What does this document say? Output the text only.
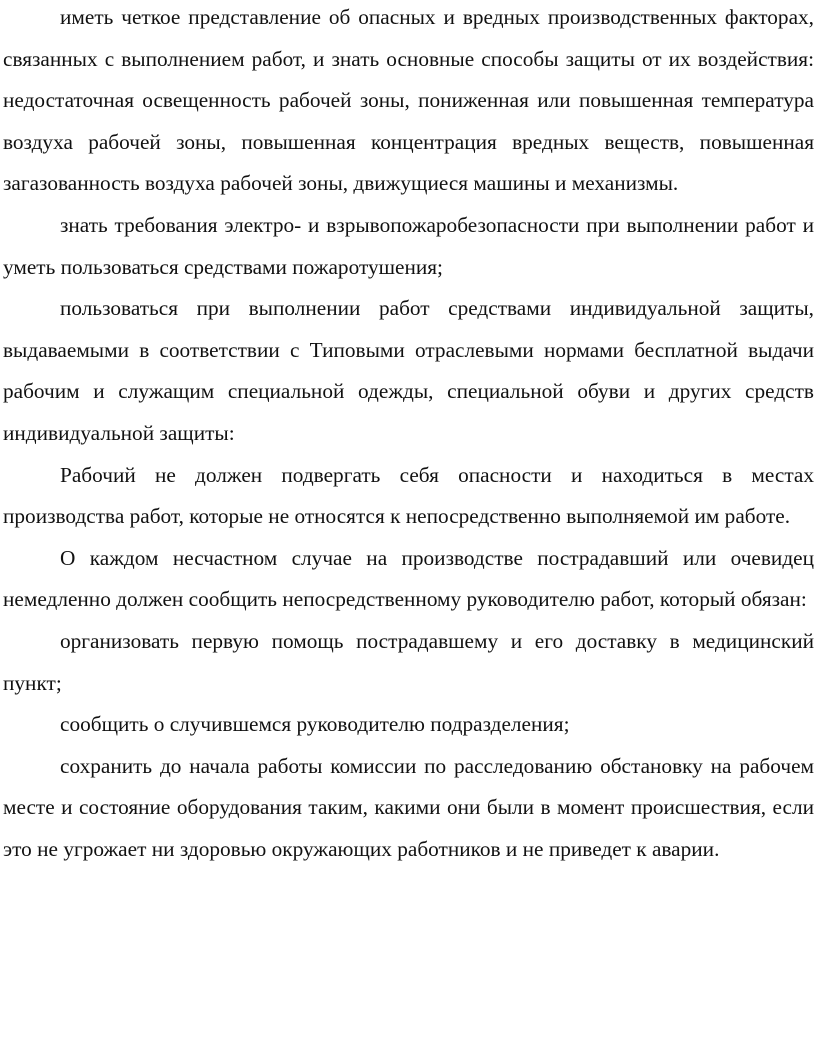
иметь четкое представление об опасных и вредных производственных факторах, связанных с выполнением работ, и знать основные способы защиты от их воздействия: недостаточная освещенность рабочей зоны, пониженная или повышенная температура воздуха рабочей зоны, повышенная концентрация вредных веществ, повышенная загазованность воздуха рабочей зоны, движущиеся машины и механизмы.

знать требования электро- и взрывопожаробезопасности при выполнении работ и уметь пользоваться средствами пожаротушения;

пользоваться при выполнении работ средствами индивидуальной защиты, выдаваемыми в соответствии с Типовыми отраслевыми нормами бесплатной выдачи рабочим и служащим специальной одежды, специальной обуви и других средств индивидуальной защиты:

Рабочий не должен подвергать себя опасности и находиться в местах производства работ, которые не относятся к непосредственно выполняемой им работе.

О каждом несчастном случае на производстве пострадавший или очевидец немедленно должен сообщить непосредственному руководителю работ, который обязан:

организовать первую помощь пострадавшему и его доставку в медицинский пункт;

сообщить о случившемся руководителю подразделения;

сохранить до начала работы комиссии по расследованию обстановку на рабочем месте и состояние оборудования таким, какими они были в момент происшествия, если это не угрожает ни здоровью окружающих работников и не приведет к аварии.
